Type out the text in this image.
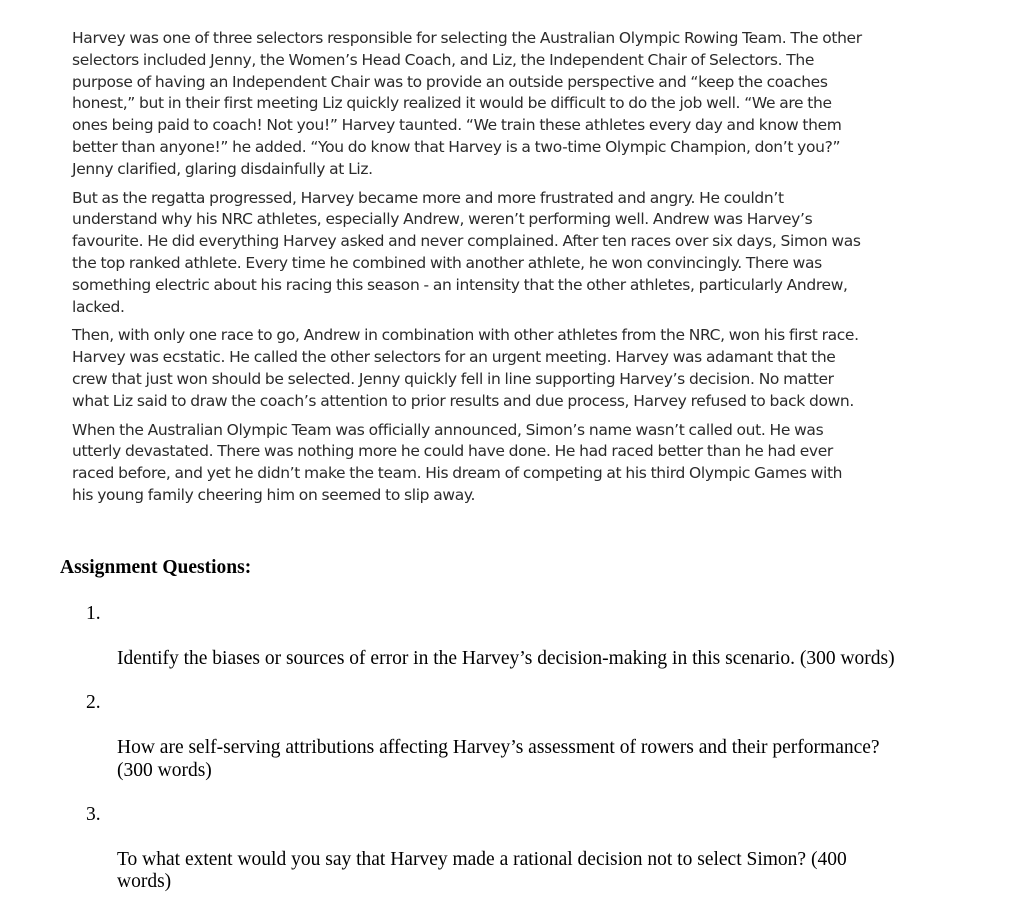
Harvey was one of three selectors responsible for selecting the Australian Olympic Rowing Team. The other
selectors included Jenny, the Women’s Head Coach, and Liz, the Independent Chair of Selectors. The
purpose of having an Independent Chair was to provide an outside perspective and “keep the coaches
honest,” but in their first meeting Liz quickly realized it would be difficult to do the job well. “We are the
ones being paid to coach! Not you!” Harvey taunted. “We train these athletes every day and know them
better than anyone!” he added. “You do know that Harvey is a two-time Olympic Champion, don’t you?”
Jenny clarified, glaring disdainfully at Liz.

But as the regatta progressed, Harvey became more and more frustrated and angry. He couldn’t
understand why his NRC athletes, especially Andrew, weren’t performing well. Andrew was Harvey’s
favourite. He did everything Harvey asked and never complained. After ten races over six days, Simon was
the top ranked athlete. Every time he combined with another athlete, he won convincingly. There was
something electric about his racing this season - an intensity that the other athletes, particularly Andrew,
lacked.

Then, with only one race to go, Andrew in combination with other athletes from the NRC, won his first race.
Harvey was ecstatic. He called the other selectors for an urgent meeting. Harvey was adamant that the
crew that just won should be selected. Jenny quickly fell in line supporting Harvey’s decision. No matter
what Liz said to draw the coach’s attention to prior results and due process, Harvey refused to back down.

When the Australian Olympic Team was officially announced, Simon’s name wasn’t called out. He was
utterly devastated. There was nothing more he could have done. He had raced better than he had ever
raced before, and yet he didn’t make the team. His dream of competing at his third Olympic Games with
his young family cheering him on seemed to slip away.

Assignment Questions:

1.

Identify the biases or sources of error in the Harvey’s decision-making in this scenario. (300 words)

2.

How are self-serving attributions affecting Harvey’s assessment of rowers and their performance?
(300 words)

3.

To what extent would you say that Harvey made a rational decision not to select Simon? (400
words)
